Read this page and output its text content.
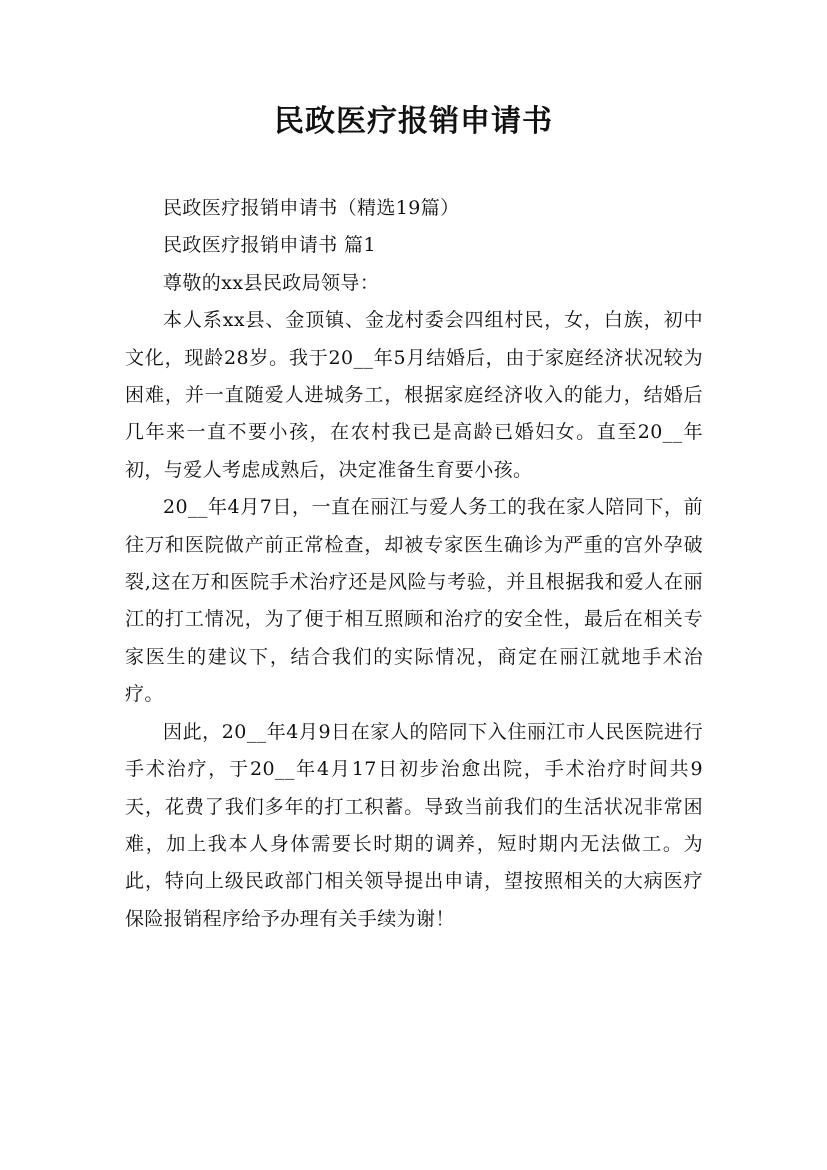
民政医疗报销申请书

民政医疗报销申请书（精选19篇）

民政医疗报销申请书 篇1

尊敬的xx县民政局领导：

本人系xx县、金顶镇、金龙村委会四组村民，女，白族，初中文化，现龄28岁。我于20__年5月结婚后，由于家庭经济状况较为困难，并一直随爱人进城务工，根据家庭经济收入的能力，结婚后几年来一直不要小孩，在农村我已是高龄已婚妇女。直至20__年初，与爱人考虑成熟后，决定准备生育要小孩。

20__年4月7日，一直在丽江与爱人务工的我在家人陪同下，前往万和医院做产前正常检查，却被专家医生确诊为严重的宫外孕破裂,这在万和医院手术治疗还是风险与考验，并且根据我和爱人在丽江的打工情况，为了便于相互照顾和治疗的安全性，最后在相关专家医生的建议下，结合我们的实际情况，商定在丽江就地手术治疗。

因此，20__年4月9日在家人的陪同下入住丽江市人民医院进行手术治疗，于20__年4月17日初步治愈出院，手术治疗时间共9天，花费了我们多年的打工积蓄。导致当前我们的生活状况非常困难，加上我本人身体需要长时期的调养，短时期内无法做工。为此，特向上级民政部门相关领导提出申请，望按照相关的大病医疗保险报销程序给予办理有关手续为谢！
